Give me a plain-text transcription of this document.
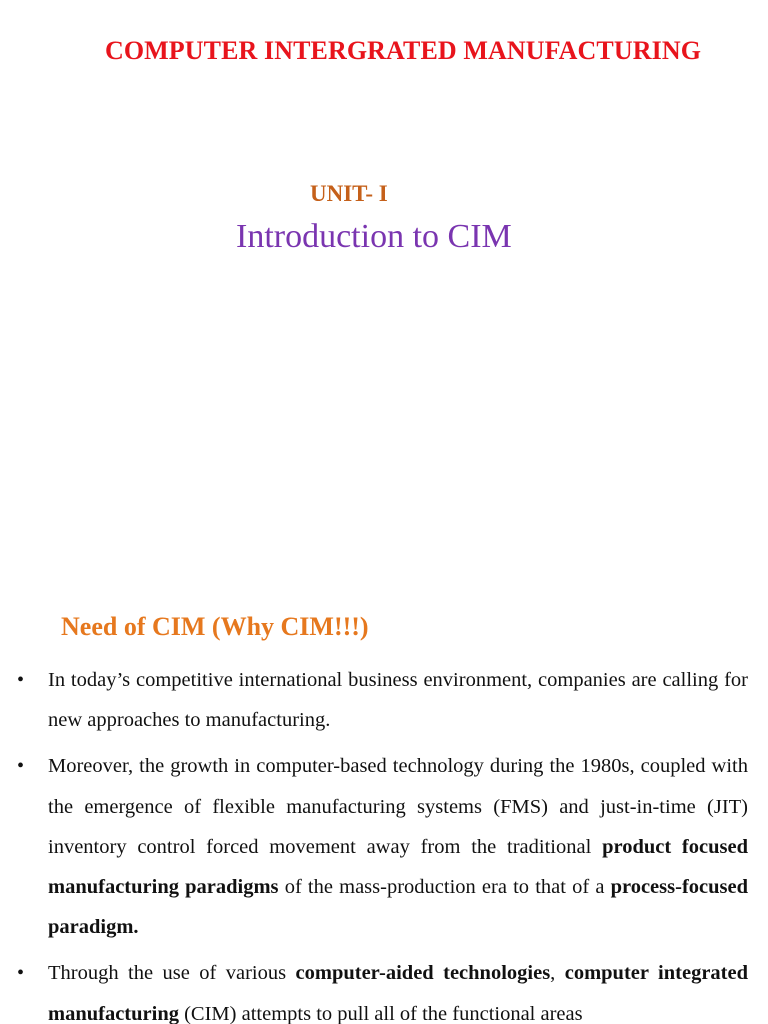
COMPUTER INTERGRATED MANUFACTURING
UNIT- I
Introduction to CIM
Need of CIM (Why CIM!!!)
• In today’s competitive international business environment, companies are calling for new approaches to manufacturing.
• Moreover, the growth in computer-based technology during the 1980s, coupled with the emergence of flexible manufacturing systems (FMS) and just-in-time (JIT) inventory control forced movement away from the traditional product focused manufacturing paradigms of the mass-production era to that of a process-focused paradigm.
• Through the use of various computer-aided technologies, computer integrated manufacturing (CIM) attempts to pull all of the functional areas
